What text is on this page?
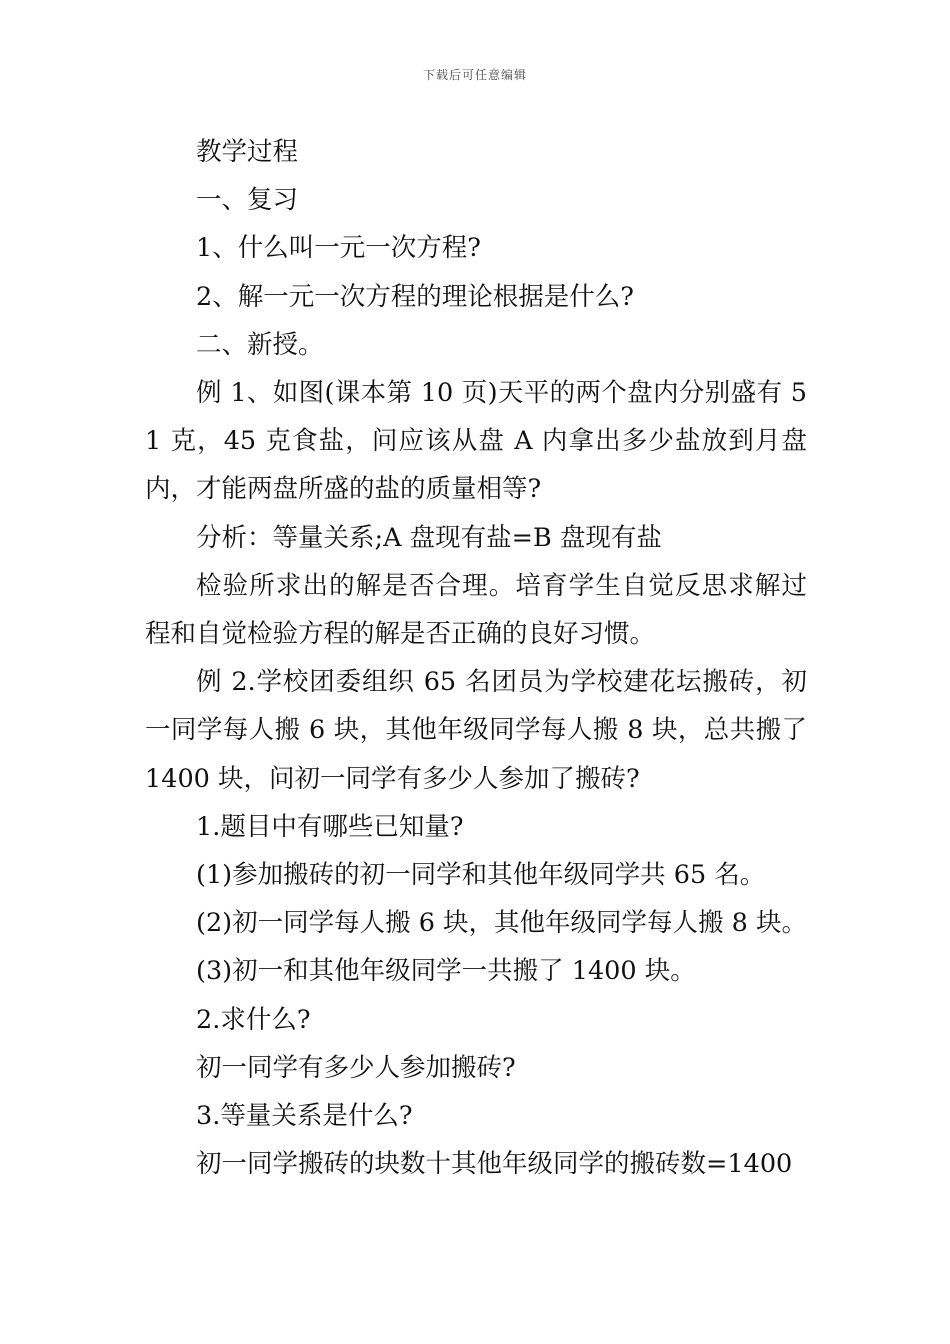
下载后可任意编辑

教学过程

一、复习

1、什么叫一元一次方程?

2、解一元一次方程的理论根据是什么?

二、新授。

例 1、如图(课本第 10 页)天平的两个盘内分别盛有 51 克，45 克食盐，问应该从盘 A 内拿出多少盐放到月盘内，才能两盘所盛的盐的质量相等?

分析：等量关系;A 盘现有盐=B 盘现有盐

检验所求出的解是否合理。培育学生自觉反思求解过程和自觉检验方程的解是否正确的良好习惯。

例 2.学校团委组织 65 名团员为学校建花坛搬砖，初一同学每人搬 6 块，其他年级同学每人搬 8 块，总共搬了 1400 块，问初一同学有多少人参加了搬砖?

1.题目中有哪些已知量?

(1)参加搬砖的初一同学和其他年级同学共 65 名。

(2)初一同学每人搬 6 块，其他年级同学每人搬 8 块。

(3)初一和其他年级同学一共搬了 1400 块。

2.求什么?

初一同学有多少人参加搬砖?

3.等量关系是什么?

初一同学搬砖的块数十其他年级同学的搬砖数=1400
